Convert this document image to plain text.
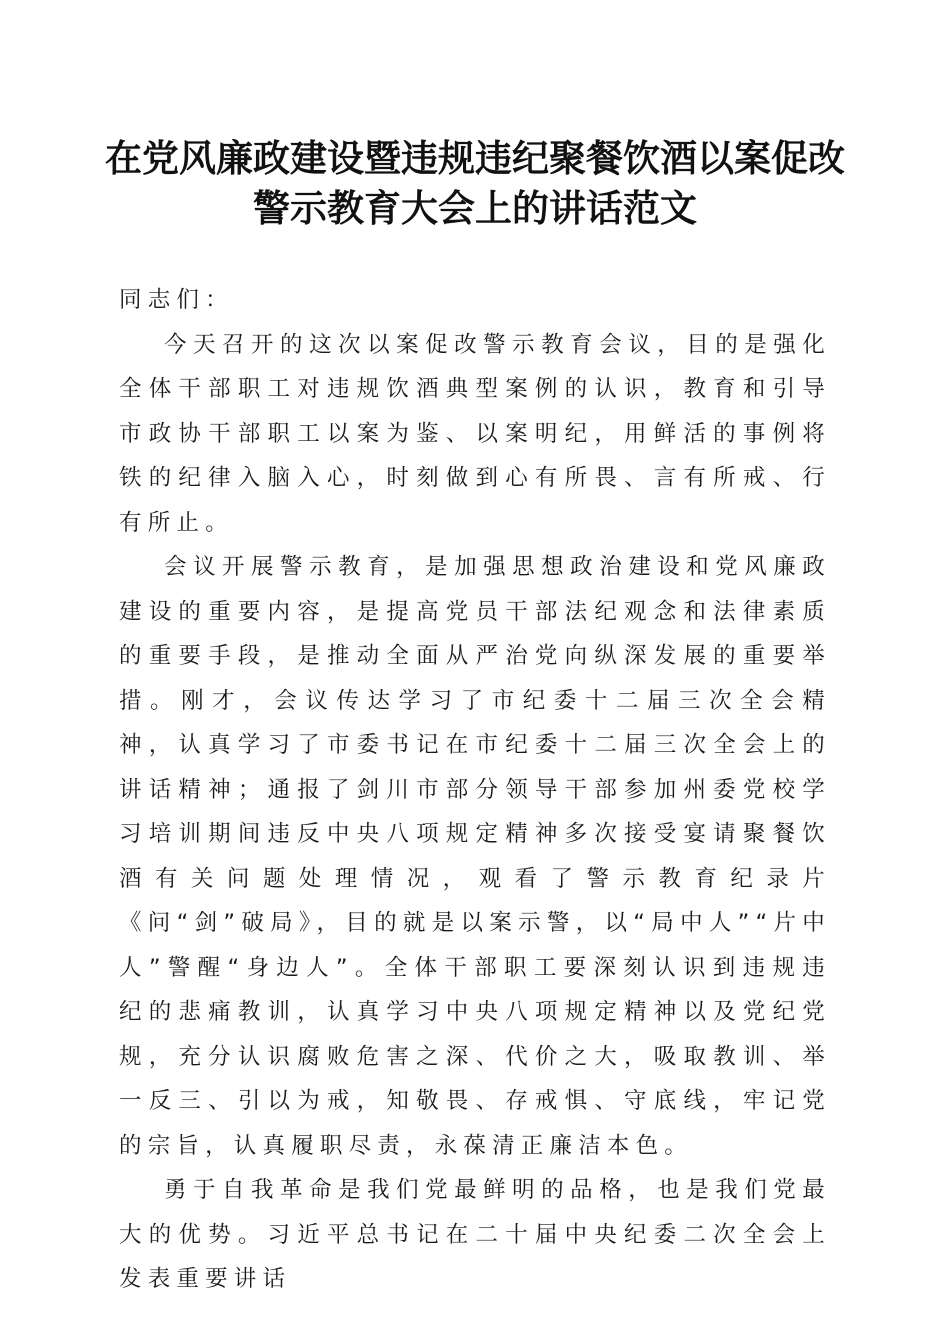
在党风廉政建设暨违规违纪聚餐饮酒以案促改
警示教育大会上的讲话范文

同志们：

今天召开的这次以案促改警示教育会议，目的是强化全体干部职工对违规饮酒典型案例的认识，教育和引导市政协干部职工以案为鉴、以案明纪，用鲜活的事例将铁的纪律入脑入心，时刻做到心有所畏、言有所戒、行有所止。

会议开展警示教育，是加强思想政治建设和党风廉政建设的重要内容，是提高党员干部法纪观念和法律素质的重要手段，是推动全面从严治党向纵深发展的重要举措。刚才，会议传达学习了市纪委十二届三次全会精神，认真学习了市委书记在市纪委十二届三次全会上的讲话精神；通报了剑川市部分领导干部参加州委党校学习培训期间违反中央八项规定精神多次接受宴请聚餐饮酒有关问题处理情况，观看了警示教育纪录片《问“剑”破局》，目的就是以案示警，以“局中人”“片中人”警醒“身边人”。全体干部职工要深刻认识到违规违纪的悲痛教训，认真学习中央八项规定精神以及党纪党规，充分认识腐败危害之深、代价之大，吸取教训、举一反三、引以为戒，知敬畏、存戒惧、守底线，牢记党的宗旨，认真履职尽责，永葆清正廉洁本色。

勇于自我革命是我们党最鲜明的品格，也是我们党最大的优势。习近平总书记在二十届中央纪委二次全会上发表重要讲话
